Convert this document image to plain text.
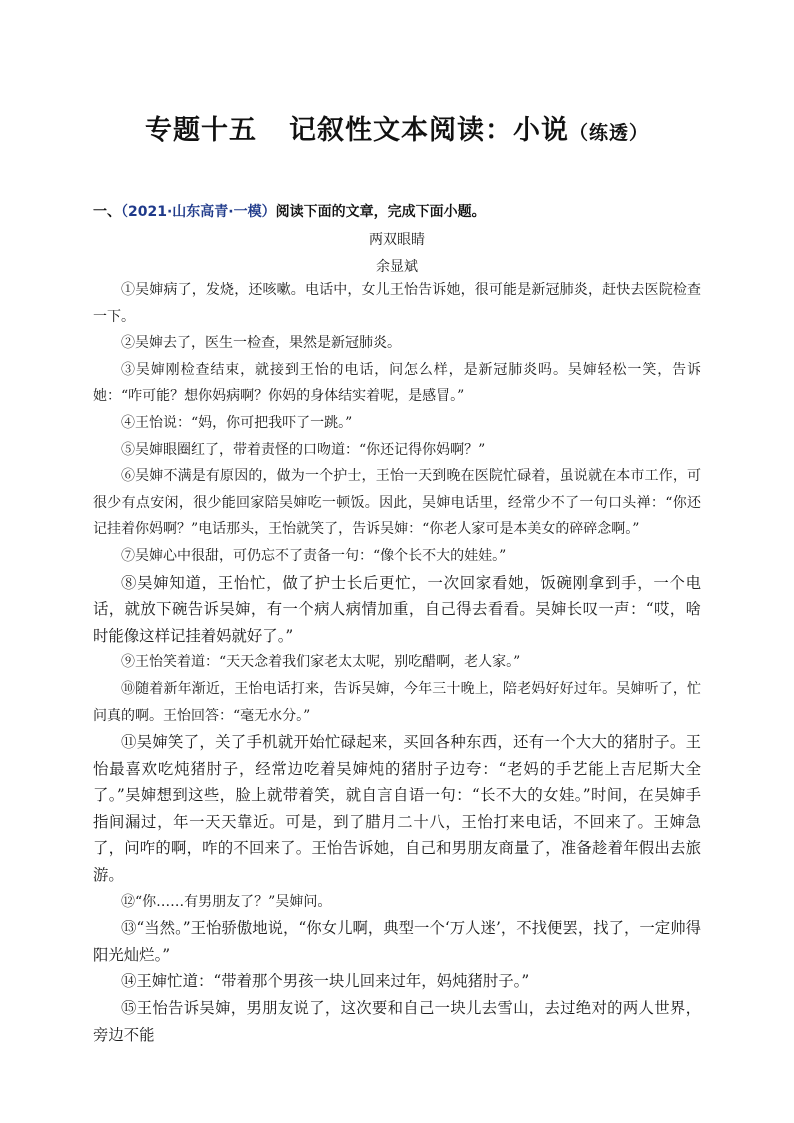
专题十五 记叙性文本阅读：小说（练透）
一、（2021·山东高青·一模）阅读下面的文章，完成下面小题。
两双眼睛
余显斌

①吴婶病了，发烧，还咳嗽。电话中，女儿王怡告诉她，很可能是新冠肺炎，赶快去医院检查一下。

②吴婶去了，医生一检查，果然是新冠肺炎。

③吴婶刚检查结束，就接到王怡的电话，问怎么样，是新冠肺炎吗。吴婶轻松一笑，告诉她：“咋可能？想你妈病啊？你妈的身体结实着呢，是感冒。”

④王怡说：“妈，你可把我吓了一跳。”

⑤吴婶眼圈红了，带着责怪的口吻道：“你还记得你妈啊？”

⑥吴婶不满是有原因的，做为一个护士，王怡一天到晚在医院忙碌着，虽说就在本市工作，可很少有点安闲，很少能回家陪吴婶吃一顿饭。因此，吴婶电话里，经常少不了一句口头禅：“你还记挂着你妈啊？”电话那头，王怡就笑了，告诉吴婶：“你老人家可是本美女的碎碎念啊。”

⑦吴婶心中很甜，可仍忘不了责备一句：“像个长不大的娃娃。”

⑧吴婶知道，王怡忙，做了护士长后更忙，一次回家看她，饭碗刚拿到手，一个电话，就放下碗告诉吴婶，有一个病人病情加重，自己得去看看。吴婶长叹一声：“哎，啥时能像这样记挂着妈就好了。”

⑨王怡笑着道：“天天念着我们家老太太呢，别吃醋啊，老人家。”

⑩随着新年渐近，王怡电话打来，告诉吴婶，今年三十晚上，陪老妈好好过年。吴婶听了，忙问真的啊。王怡回答：“毫无水分。”

⑪吴婶笑了，关了手机就开始忙碌起来，买回各种东西，还有一个大大的猪肘子。王怡最喜欢吃炖猪肘子，经常边吃着吴婶炖的猪肘子边夸：“老妈的手艺能上吉尼斯大全了。”吴婶想到这些，脸上就带着笑，就自言自语一句：“长不大的女娃。”时间，在吴婶手指间漏过，年一天天靠近。可是，到了腊月二十八，王怡打来电话，不回来了。王婶急了，问咋的啊，咋的不回来了。王怡告诉她，自己和男朋友商量了，准备趁着年假出去旅游。

⑫“你……有男朋友了？”吴婶问。

⑬“当然。”王怡骄傲地说，“你女儿啊，典型一个‘万人迷’，不找便罢，找了，一定帅得阳光灿烂。”

⑭王婶忙道：“带着那个男孩一块儿回来过年，妈炖猪肘子。”

⑮王怡告诉吴婶，男朋友说了，这次要和自己一块儿去雪山，去过绝对的两人世界，旁边不能
